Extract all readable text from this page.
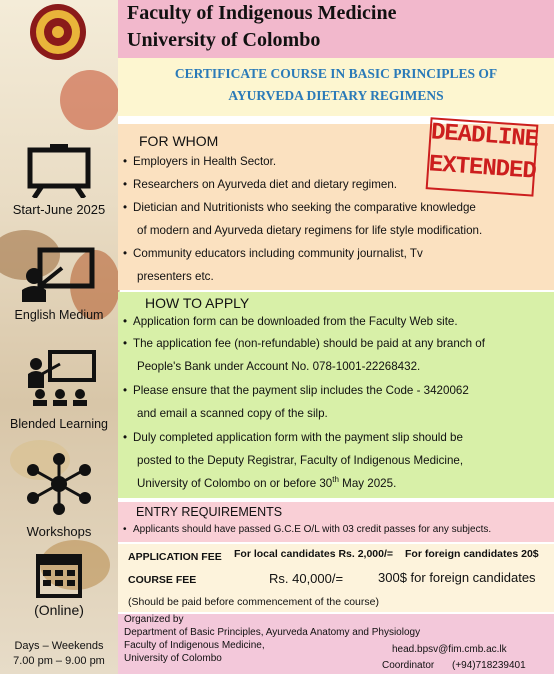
Start-June 2025
English Medium
Blended Learning
Workshops
(Online)
Days – Weekends
7.00 pm – 9.00 pm
Faculty of Indigenous Medicine
University of Colombo
CERTIFICATE COURSE IN BASIC PRINCIPLES OF
AYURVEDA DIETARY REGIMENS
FOR WHOM
• Employers in Health Sector.
• Researchers on Ayurveda diet and dietary regimen.
• Dietician and Nutritionists who seeking the comparative knowledge
of modern and Ayurveda dietary regimens for life style modification.
• Community educators including community journalist, Tv
presenters etc.
DEADLINE
EXTENDED
HOW TO APPLY
• Application form can be downloaded from the Faculty Web site.
• The application fee (non-refundable) should be paid at any branch of
People's Bank under Account No. 078-1001-22268432.
• Please ensure that the payment slip includes the Code - 3420062
and email a scanned copy of the silp.
• Duly completed application form with the payment slip should be
posted to the Deputy Registrar, Faculty of Indigenous Medicine,
University of Colombo on or before 30th May 2025.
ENTRY REQUIREMENTS
• Applicants should have passed G.C.E O/L with 03 credit passes for any subjects.
APPLICATION FEE For local candidates Rs. 2,000/= For foreign candidates 20$
COURSE FEE	Rs. 40,000/=	300$ for foreign candidates
(Should be paid before commencement of the course)
Organized by
Department of Basic Principles, Ayurveda Anatomy and Physiology
Faculty of Indigenous Medicine,
University of Colombo
head.bpsv@fim.cmb.ac.lk
Coordinator (+94)718239401
